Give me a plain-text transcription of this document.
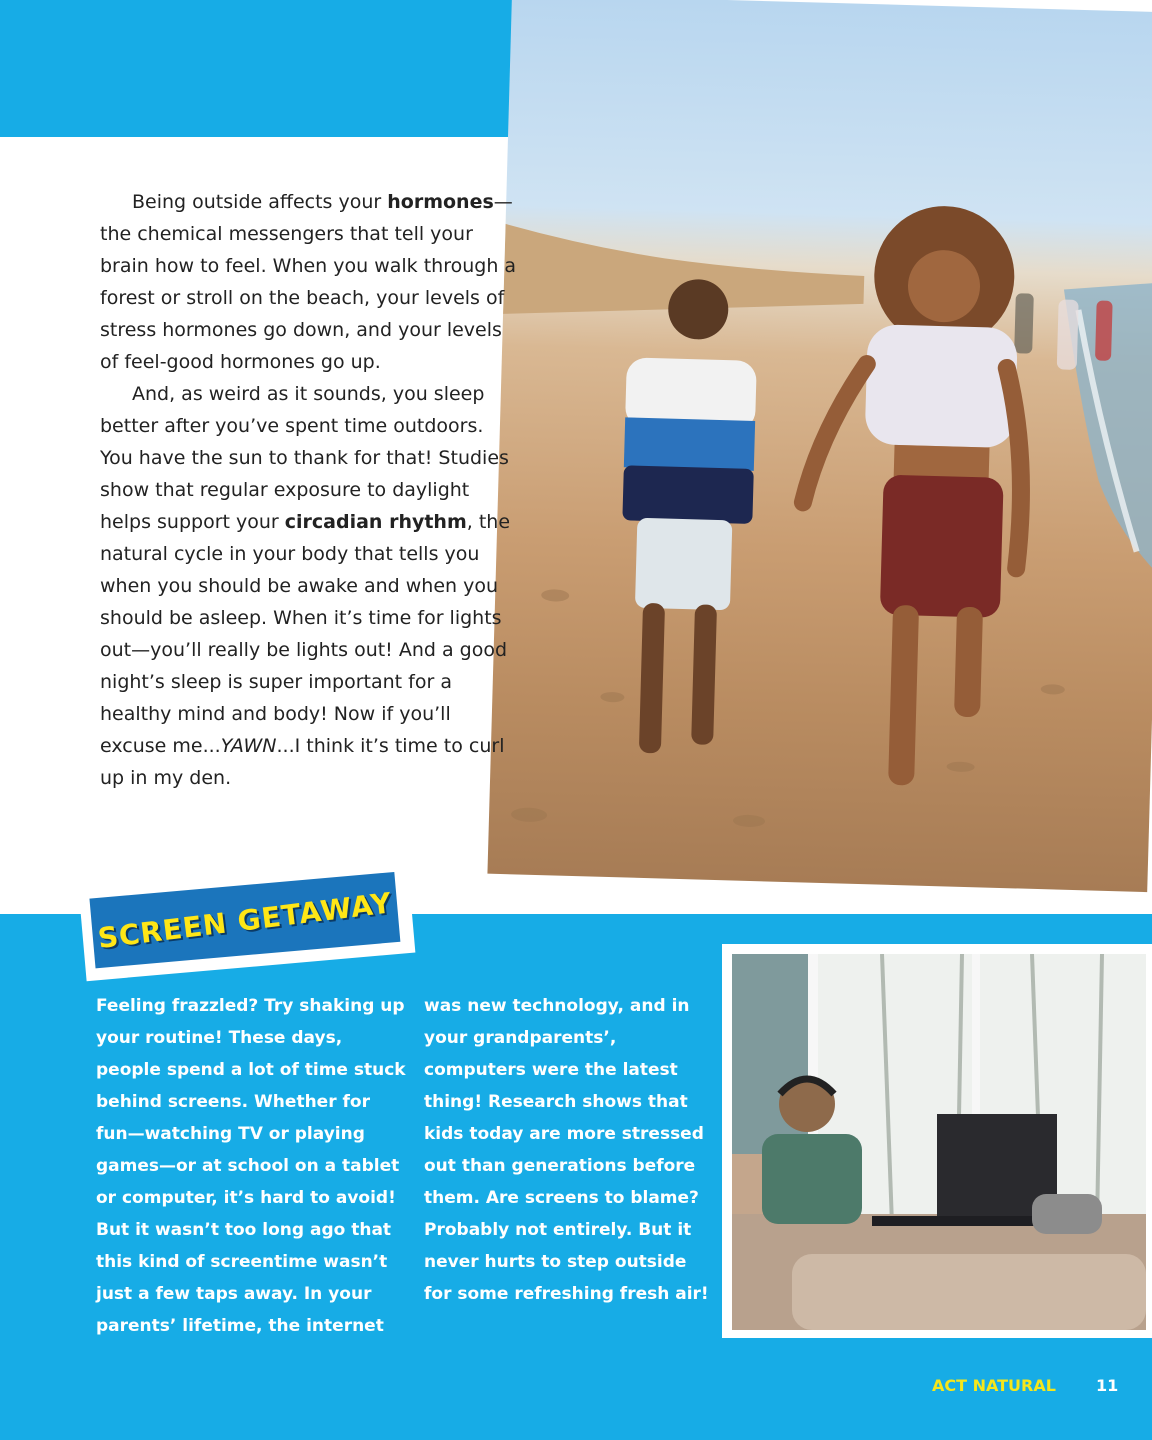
Being outside affects your hormones—the chemical messengers that tell your brain how to feel. When you walk through a forest or stroll on the beach, your levels of stress hormones go down, and your levels of feel-good hormones go up.

And, as weird as it sounds, you sleep better after you’ve spent time outdoors. You have the sun to thank for that! Studies show that regular exposure to daylight helps support your circadian rhythm, the natural cycle in your body that tells you when you should be awake and when you should be asleep. When it’s time for lights out—you’ll really be lights out! And a good night’s sleep is super important for a healthy mind and body! Now if you’ll excuse me...YAWN...I think it’s time to curl up in my den.

SCREEN GETAWAY
Feeling frazzled? Try shaking up your routine! These days, people spend a lot of time stuck behind screens. Whether for fun—watching TV or playing games—or at school on a tablet or computer, it’s hard to avoid! But it wasn’t too long ago that this kind of screentime wasn’t just a few taps away. In your parents’ lifetime, the internet
was new technology, and in your grandparents’, computers were the latest thing! Research shows that kids today are more stressed out than generations before them. Are screens to blame? Probably not entirely. But it never hurts to step outside for some refreshing fresh air!
ACT NATURAL	11
